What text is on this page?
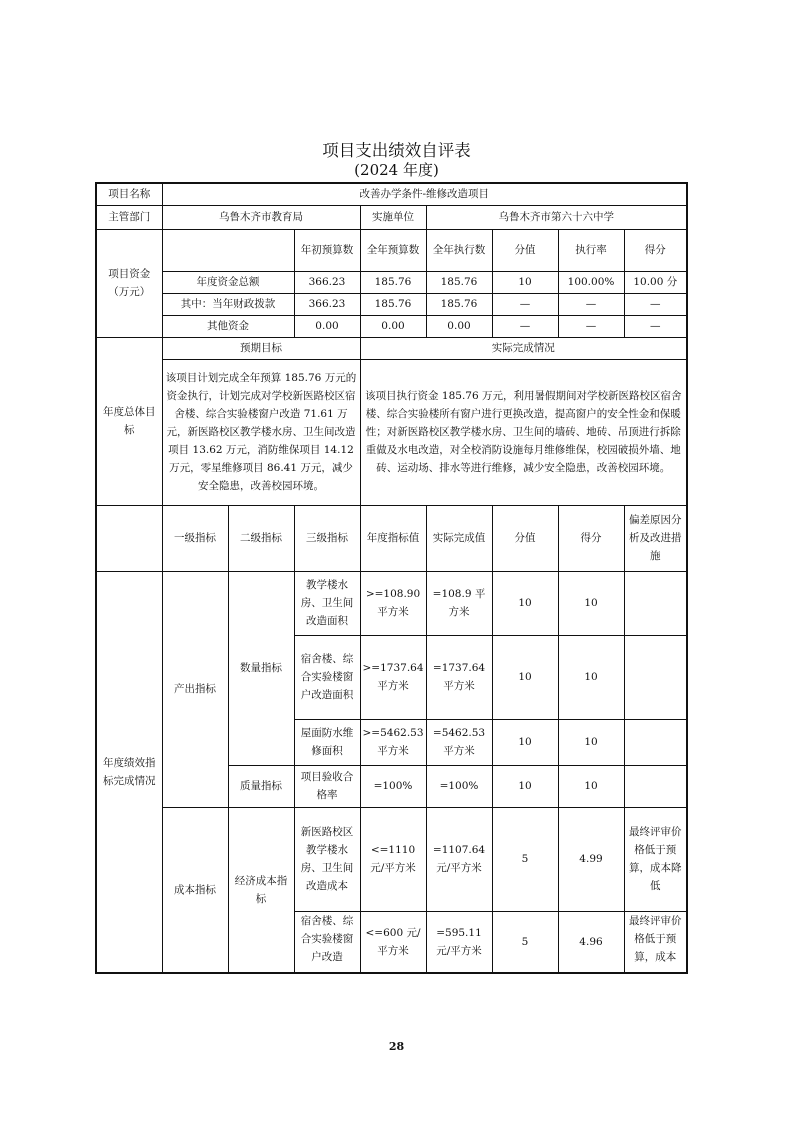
项目支出绩效自评表
(2024 年度)
项目名称	改善办学条件-维修改造项目							
主管部门	乌鲁木齐市教育局			实施单位	乌鲁木齐市第六十六中学			
项目资金（万元）			年初预算数	全年预算数	全年执行数	分值	执行率	得分
	年度资金总额		366.23	185.76	185.76	10	100.00%	10.00 分
	其中：当年财政拨款		366.23	185.76	185.76	—	—	—
	其他资金		0.00	0.00	0.00	—	—	—
年度总体目标	预期目标			实际完成情况				
	该项目计划完成全年预算 185.76 万元的资金执行，计划完成对学校新医路校区宿舍楼、综合实验楼窗户改造 71.61 万元，新医路校区教学楼水房、卫生间改造项目 13.62 万元，消防维保项目 14.12 万元，零星维修项目 86.41 万元，减少安全隐患，改善校园环境。			该项目执行资金 185.76 万元，利用暑假期间对学校新医路校区宿舍楼、综合实验楼所有窗户进行更换改造，提高窗户的安全性金和保暖性；对新医路校区教学楼水房、卫生间的墙砖、地砖、吊顶进行拆除重做及水电改造，对全校消防设施每月维修维保，校园破损外墙、地砖、运动场、排水等进行维修，减少安全隐患，改善校园环境。				
	一级指标	二级指标	三级指标	年度指标值	实际完成值	分值	得分	偏差原因分析及改进措施
年度绩效指标完成情况	产出指标	数量指标	教学楼水房、卫生间改造面积	>=108.90 平方米	=108.9 平方米	10	10	
			宿舍楼、综合实验楼窗户改造面积	>=1737.64 平方米	=1737.64 平方米	10	10	
			屋面防水维修面积	>=5462.53 平方米	=5462.53 平方米	10	10	
		质量指标	项目验收合格率	=100%	=100%	10	10	
	成本指标	经济成本指标	新医路校区教学楼水房、卫生间改造成本	<=1110 元/平方米	=1107.64 元/平方米	5	4.99	最终评审价格低于预算，成本降低
			宿舍楼、综合实验楼窗户改造	<=600 元/平方米	=595.11 元/平方米	5	4.96	最终评审价格低于预算，成本
28
